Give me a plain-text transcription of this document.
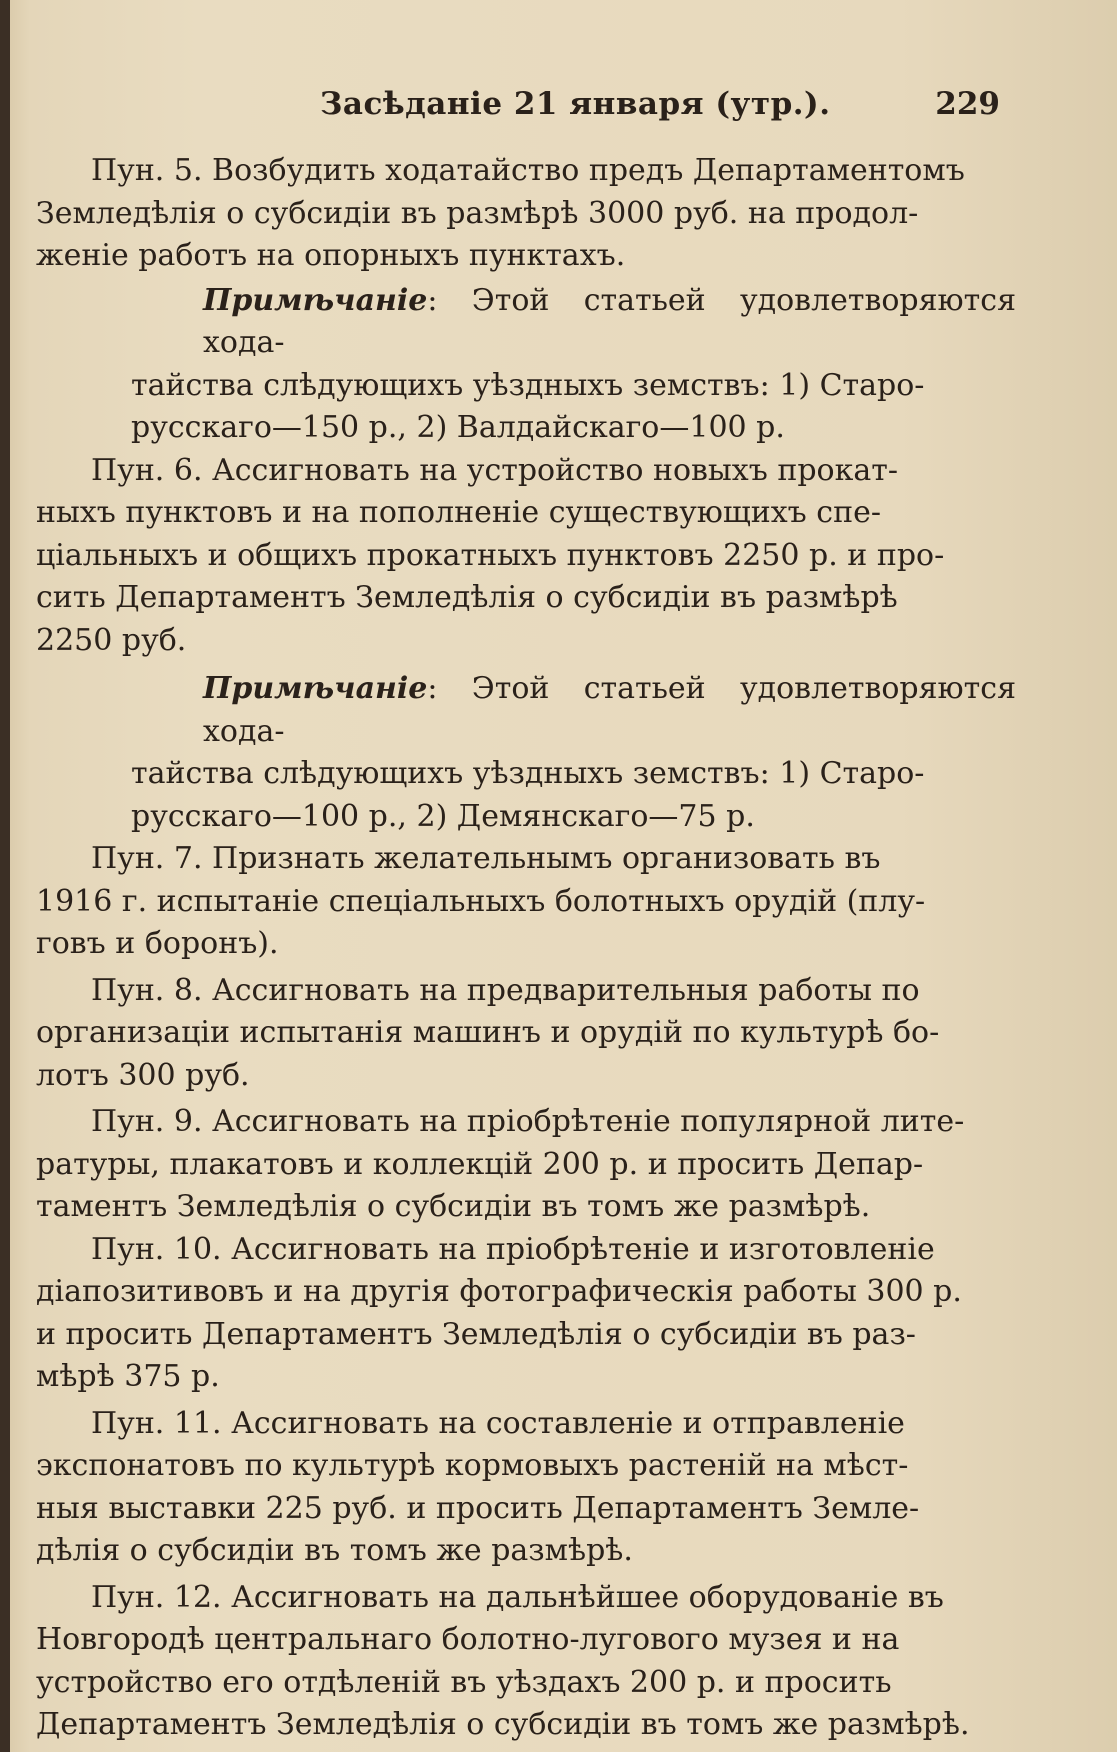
Засѣданіе 21 января (утр.).	229

Пун. 5. Возбудить ходатайство предъ Департаментомъ
Земледѣлія о субсидіи въ размѣрѣ 3000 руб. на продол-
женіе работъ на опорныхъ пунктахъ.

Примѣчаніе: Этой статьей удовлетворяются хода-
тайства слѣдующихъ уѣздныхъ земствъ: 1) Старо-
русскаго—150 р., 2) Валдайскаго—100 р.

Пун. 6. Ассигновать на устройство новыхъ прокат-
ныхъ пунктовъ и на пополненіе существующихъ спе-
ціальныхъ и общихъ прокатныхъ пунктовъ 2250 р. и про-
сить Департаментъ Земледѣлія о субсидіи въ размѣрѣ
2250 руб.

Примѣчаніе: Этой статьей удовлетворяются хода-
тайства слѣдующихъ уѣздныхъ земствъ: 1) Старо-
русскаго—100 р., 2) Демянскаго—75 р.

Пун. 7. Признать желательнымъ организовать въ
1916 г. испытаніе спеціальныхъ болотныхъ орудій (плу-
говъ и боронъ).

Пун. 8. Ассигновать на предварительныя работы по
организаціи испытанія машинъ и орудій по культурѣ бо-
лотъ 300 руб.

Пун. 9. Ассигновать на пріобрѣтеніе популярной лите-
ратуры, плакатовъ и коллекцій 200 р. и просить Депар-
таментъ Земледѣлія о субсидіи въ томъ же размѣрѣ.

Пун. 10. Ассигновать на пріобрѣтеніе и изготовленіе
діапозитивовъ и на другія фотографическія работы 300 р.
и просить Департаментъ Земледѣлія о субсидіи въ раз-
мѣрѣ 375 р.

Пун. 11. Ассигновать на составленіе и отправленіе
экспонатовъ по культурѣ кормовыхъ растеній на мѣст-
ныя выставки 225 руб. и просить Департаментъ Земле-
дѣлія о субсидіи въ томъ же размѣрѣ.

Пун. 12. Ассигновать на дальнѣйшее оборудованіе въ
Новгородѣ центральнаго болотно-лугового музея и на
устройство его отдѣленій въ уѣздахъ 200 р. и просить
Департаментъ Земледѣлія о субсидіи въ томъ же размѣрѣ.
